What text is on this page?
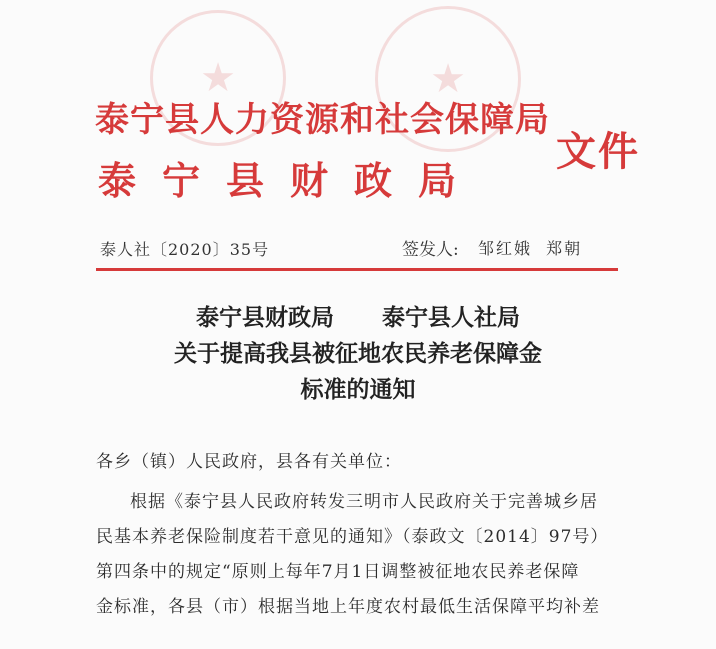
★	★
泰宁县人力资源和社会保障局
泰宁县财政局
文件
泰人社〔2020〕35号	签发人: 邹红娥  郑朝
泰宁县财政局      泰宁县人社局
关于提高我县被征地农民养老保障金
标准的通知
各乡（镇）人民政府，县各有关单位：
根据《泰宁县人民政府转发三明市人民政府关于完善城乡居
民基本养老保险制度若干意见的通知》（泰政文〔2014〕97号）
第四条中的规定“原则上每年7月1日调整被征地农民养老保障
金标准，各县（市）根据当地上年度农村最低生活保障平均补差
